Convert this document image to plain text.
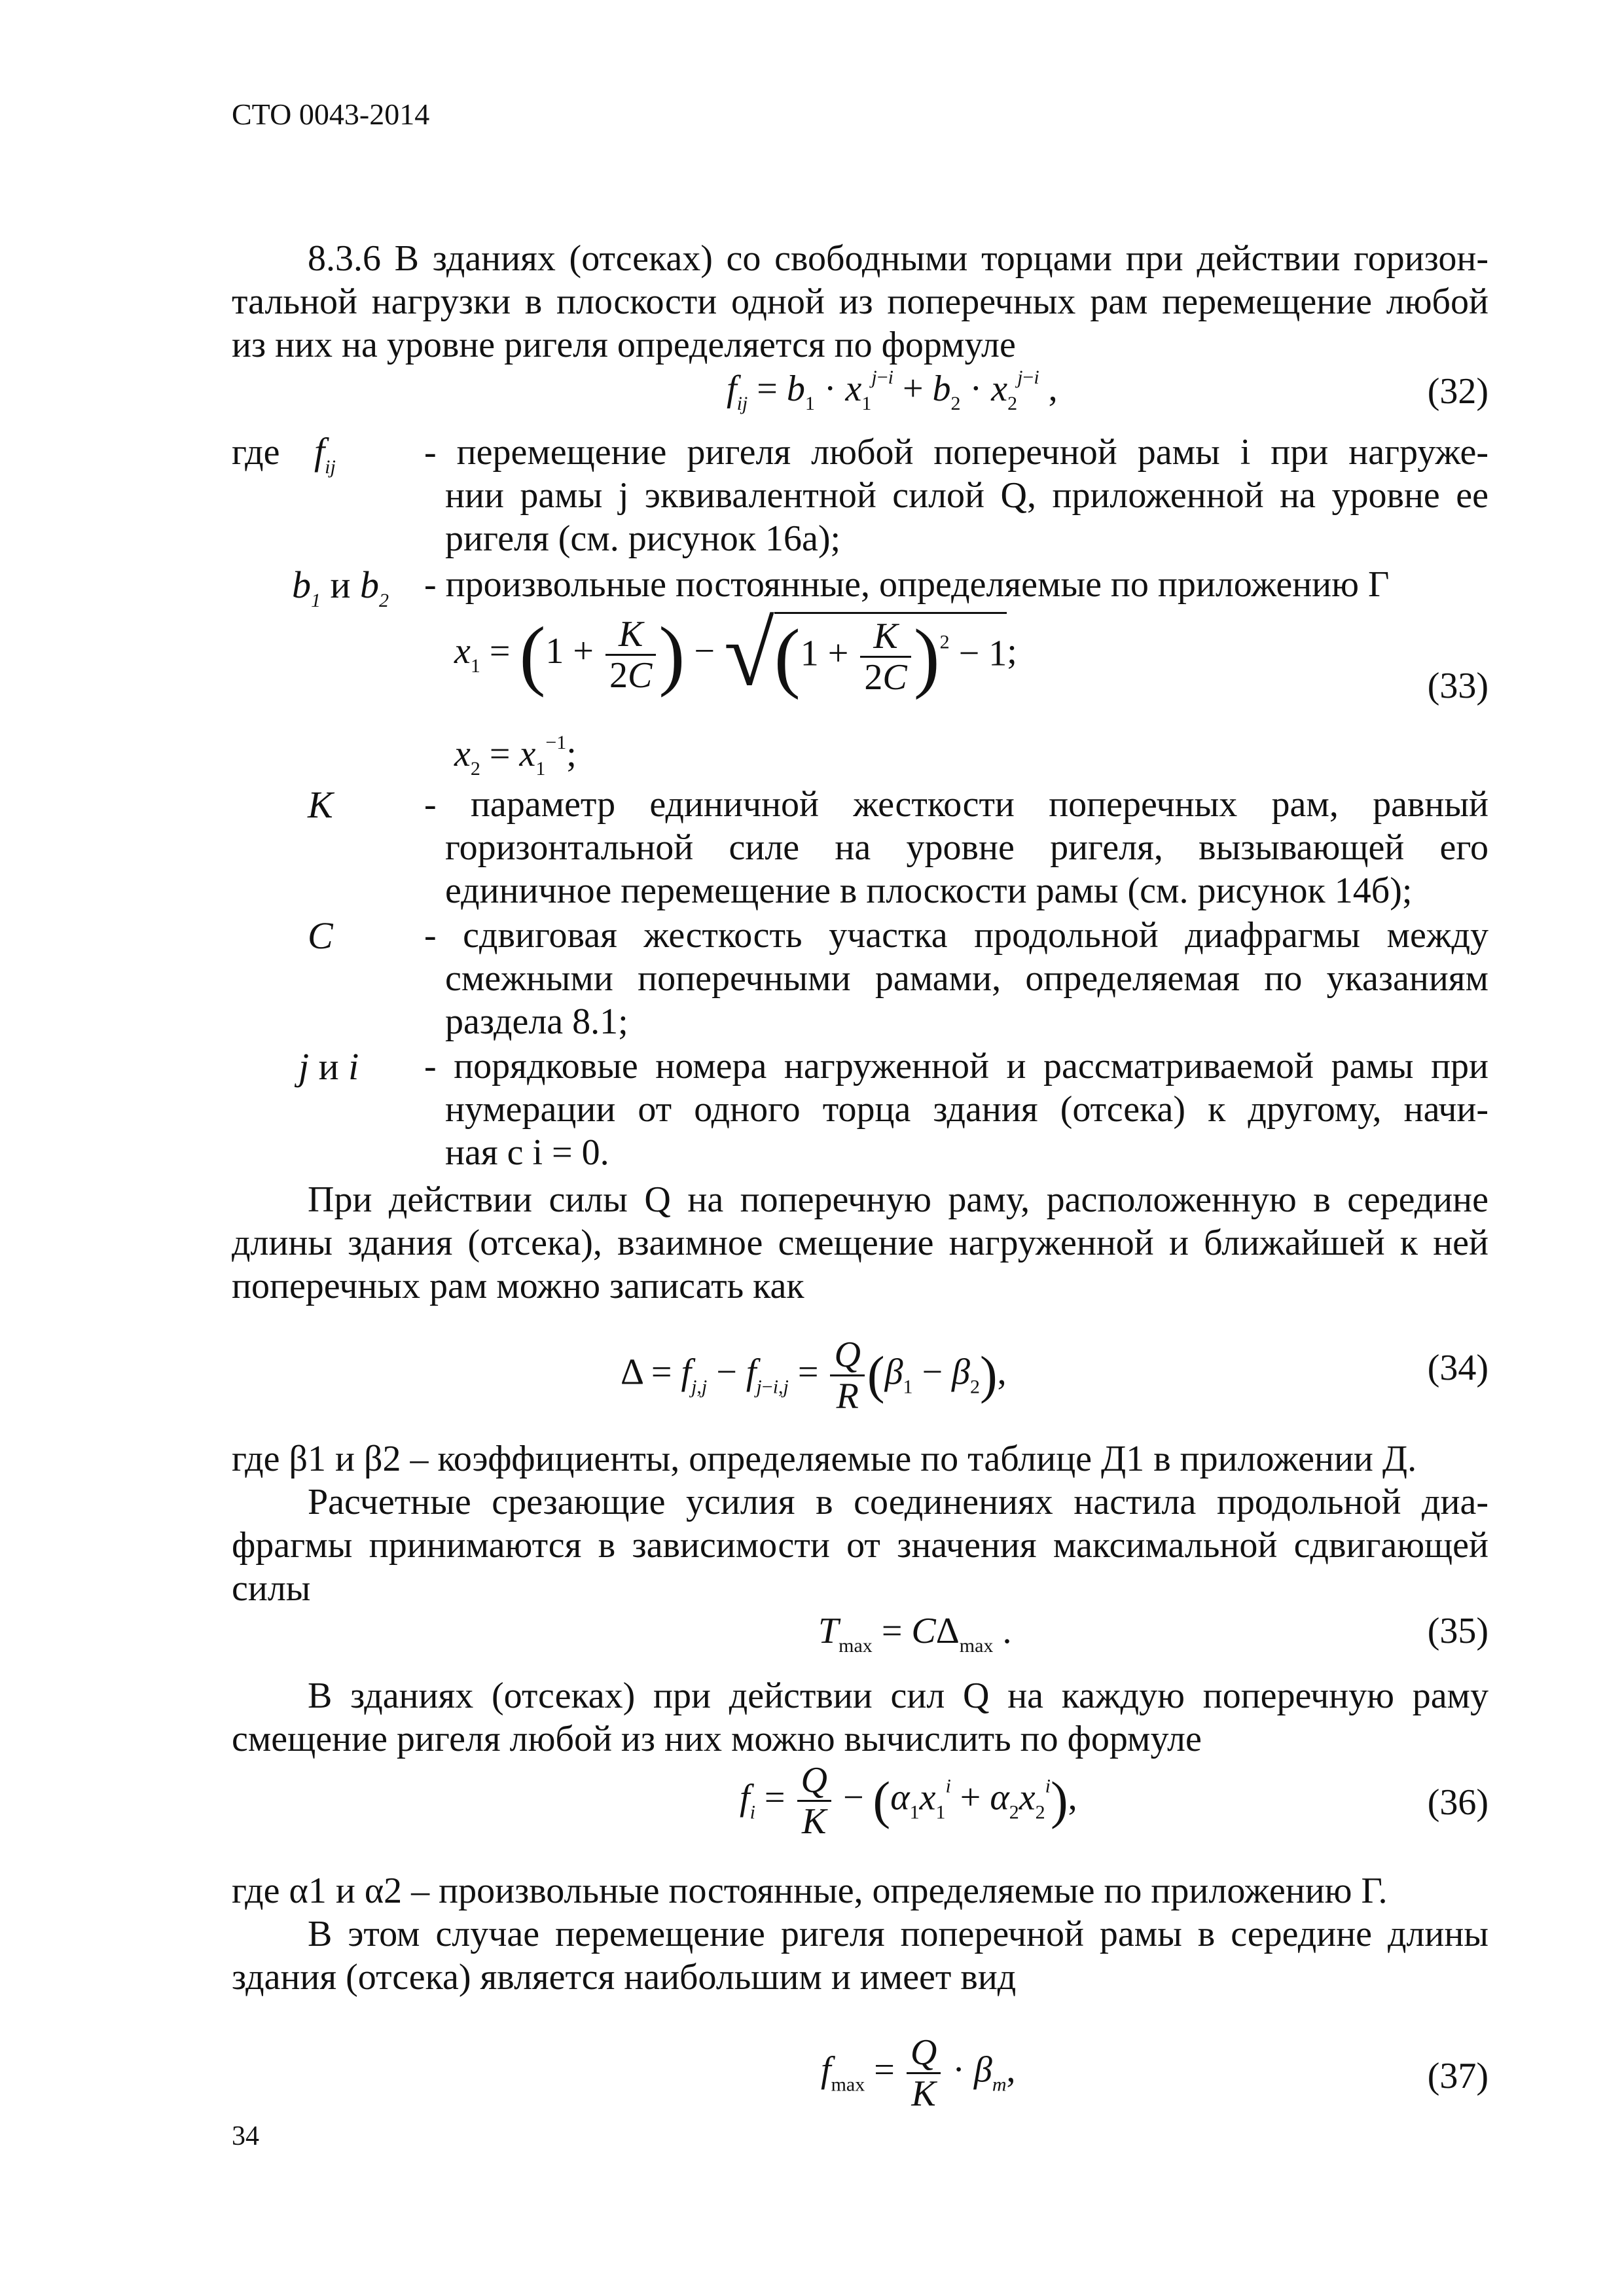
СТО 0043-2014
8.3.6 В зданиях (отсеках) со свободными торцами при действии горизон-
тальной нагрузки в плоскости одной из поперечных рам перемещение любой
из них на уровне ригеля определяется по формуле
$f_{ij} = b_1 \cdot x_1^{j-i} + b_2 \cdot x_2^{j-i}$ ,	(32)
где $f_{ij}$ - перемещение ригеля любой поперечной рамы i при нагруже-
нии рамы j эквивалентной силой Q, приложенной на уровне ее
ригеля (см. рисунок 16а);
$b_1$ и $b_2$ - произвольные постоянные, определяемые по приложению Г
$x_1 = (1 + \frac{K}{2C}$ ) − $√(1 + \frac{K}{2C} )^2 - 1$;
$x_2 = x_1^{-1}$;
(33)
К - параметр единичной жесткости поперечных рам, равный
горизонтальной силе на уровне ригеля, вызывающей его
единичное перемещение в плоскости рамы (см. рисунок 14б);
С - сдвиговая жесткость участка продольной диафрагмы между
смежными поперечными рамами, определяемая по указаниям
раздела 8.1;
j и i - порядковые номера нагруженной и рассматриваемой рамы при
нумерации от одного торца здания (отсека) к другому, начи-
ная с i = 0.
При действии силы Q на поперечную раму, расположенную в середине
длины здания (отсека), взаимное смещение нагруженной и ближайшей к ней
поперечных рам можно записать как
$\Delta = f_{j,j} - f_{j-i,j} = \frac{Q}{R} (\beta_1 - \beta_2)$,	(34)
где β1 и β2 – коэффициенты, определяемые по таблице Д1 в приложении Д.
Расчетные срезающие усилия в соединениях настила продольной диа-
фрагмы принимаются в зависимости от значения максимальной сдвигающей
силы
$T_{max} = C\Delta_{max}$ .	(35)
В зданиях (отсеках) при действии сил Q на каждую поперечную раму
смещение ригеля любой из них можно вычислить по формуле
$f_i = \frac{Q}{K} - (\alpha_1x_1^i + \alpha_2x_2^i)$,	(36)
где α1 и α2 – произвольные постоянные, определяемые по приложению Г.
В этом случае перемещение ригеля поперечной рамы в середине длины
здания (отсека) является наибольшим и имеет вид
$f_{max} = \frac{Q}{K} \cdot \beta_m$,	(37)
34
